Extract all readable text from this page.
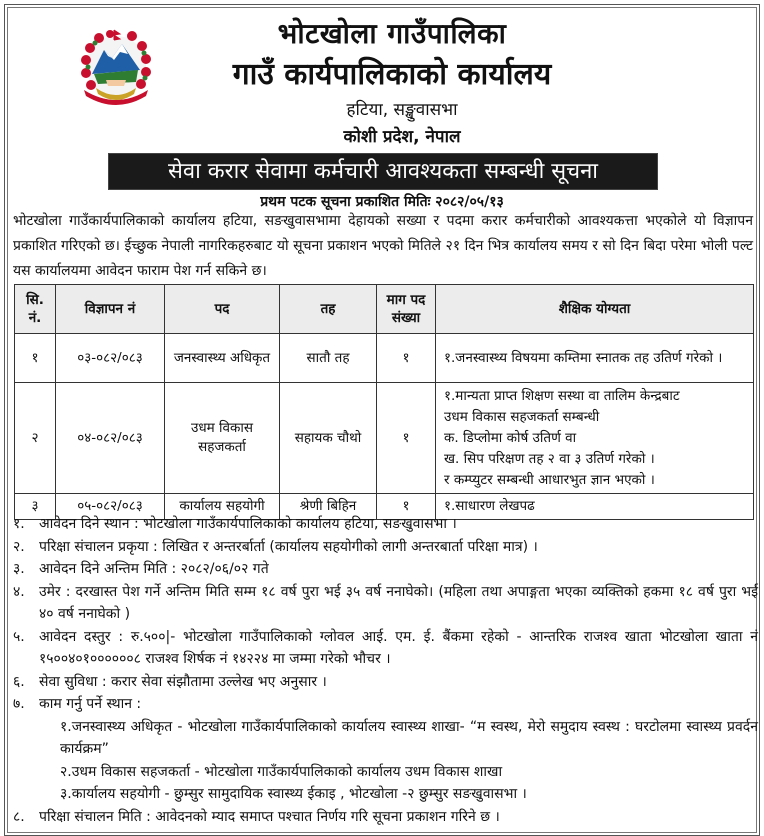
भोटखोला गाउँपालिका
गाउँ कार्यपालिकाको कार्यालय
हटिया, सङ्खुवासभा
कोशी प्रदेश, नेपाल
सेवा करार सेवामा कर्मचारी आवश्यकता सम्बन्धी सूचना
प्रथम पटक सूचना प्रकाशित मितिः २०८२/०५/१३
भोटखोला गाउँकार्यपालिकाको कार्यालय हटिया, सङखुवासभामा देहायको सख्या र पदमा करार कर्मचारीको आवश्यकत्ता भएकोले यो विज्ञापन प्रकाशित गरिएको छ। ईच्छुक नेपाली नागरिकहरुबाट यो सूचना प्रकाशन भएको मितिले २१ दिन भित्र कार्यालय समय र सो दिन बिदा परेमा भोली पल्ट यस कार्यालयमा आवेदन फाराम पेश गर्न सकिने छ।
सि. नं.	विज्ञापन नं	पद	तह	माग पद संख्या	शैक्षिक योग्यता
१	०३-०८२/०८३	जनस्वास्थ्य अधिकृत	सातौ तह	१	१.जनस्वास्थ्य विषयमा कम्तिमा स्नातक तह उतिर्ण गरेको ।

२	०४-०८२/०८३	उधम विकास सहजकर्ता	सहायक चौथो	१	१.मान्यता प्राप्त शिक्षण सस्था वा तालिम केन्द्रबाट
उधम विकास सहजकर्ता सम्बन्धी
क. डिप्लोमा कोर्ष उतिर्ण वा
ख. सिप परिक्षण तह २ वा ३ उतिर्ण गरेको ।
र कम्प्युटर सम्बन्धी आधारभुत ज्ञान भएको ।

३	०५-०८२/०८३	कार्यालय सहयोगी	श्रेणी बिहिन	१	१.साधारण लेखपढ
१.	आवेदन दिने स्थान : भोटखोला गाउँकार्यपालिकाको कार्यालय हटिया, सङखुवासभा ।
२.	परिक्षा संचालन प्रकृया : लिखित र अन्तरर्बार्ता (कार्यालय सहयोगीको लागी अन्तरबार्ता परिक्षा मात्र) ।
३.	आवेदन दिने अन्तिम मिति : २०८२/०६/०२ गते
४.	उमेर : दरखास्त पेश गर्ने अन्तिम मिति सम्म १८ वर्ष पुरा भई ३५ वर्ष ननाघेको। (महिला तथा अपाङ्गता भएका व्यक्तिको हकमा १८ वर्ष पुरा भई ४० वर्ष ननाघेको )
५.	आवेदन दस्तुर : रु.५००|- भोटखोला गाउँपालिकाको ग्लोवल आई. एम. ई. बैंकमा रहेको - आन्तरिक राजश्व खाता भोटखोला खाता नं १५००४०१००००००८ राजश्व शिर्षक नं १४२२४ मा जम्मा गरेको भौचर ।
६.	सेवा सुविधा : करार सेवा संझौतामा उल्लेख भए अनुसार ।
७.	काम गर्नु पर्ने स्थान :
१.जनस्वास्थ्य अधिकृत - भोटखोला गाउँकार्यपालिकाको कार्यालय स्वास्थ्य शाखा- “म स्वस्थ, मेरो समुदाय स्वस्थ : घरटोलमा स्वास्थ्य प्रवर्दन कार्यक्रम”
२.उधम विकास सहजकर्ता - भोटखोला गाउँकार्यपालिकाको कार्यालय उधम विकास शाखा
३.कार्यालय सहयोगी - छुम्सुर सामुदायिक स्वास्थ्य ईकाइ , भोटखोला -२ छुम्सुर सङखुवासभा ।
८.	परिक्षा संचालन मिति : आवेदनको म्याद समाप्त पश्चात निर्णय गरि सूचना प्रकाशन गरिने छ ।
